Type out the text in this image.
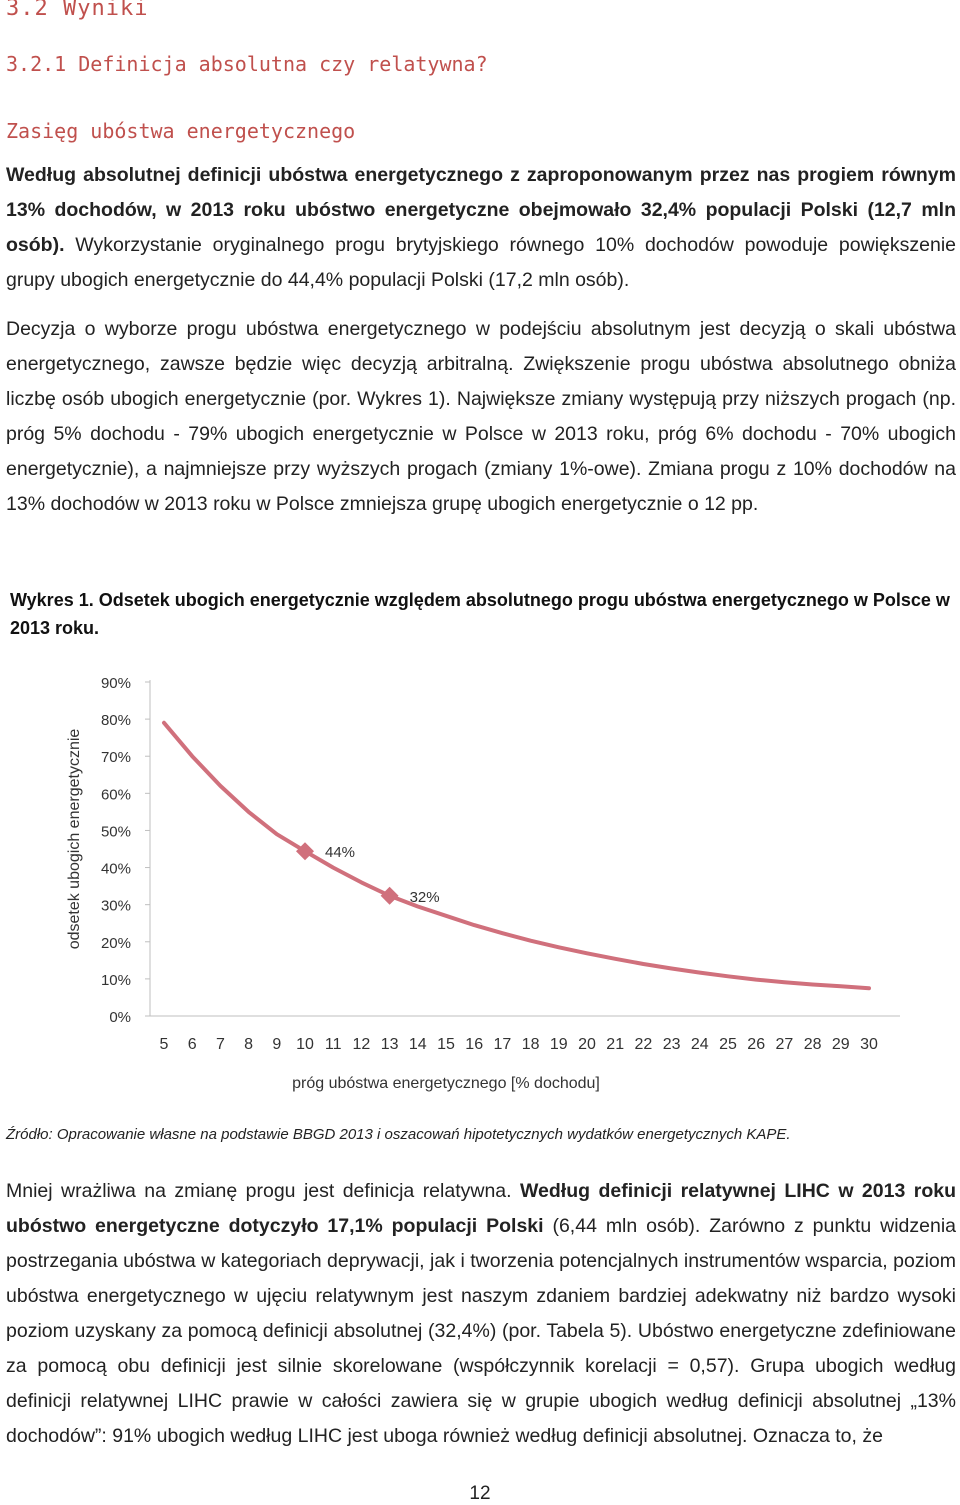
3.2 Wyniki
3.2.1 Definicja absolutna czy relatywna?
Zasięg ubóstwa energetycznego

Według absolutnej definicji ubóstwa energetycznego z zaproponowanym przez nas progiem równym 13% dochodów, w 2013 roku ubóstwo energetyczne obejmowało 32,4% populacji Polski (12,7 mln osób). Wykorzystanie oryginalnego progu brytyjskiego równego 10% dochodów powoduje powiększenie grupy ubogich energetycznie do 44,4% populacji Polski (17,2 mln osób).

Decyzja o wyborze progu ubóstwa energetycznego w podejściu absolutnym jest decyzją o skali ubóstwa energetycznego, zawsze będzie więc decyzją arbitralną. Zwiększenie progu ubóstwa absolutnego obniża liczbę osób ubogich energetycznie (por. Wykres 1). Największe zmiany występują przy niższych progach (np. próg 5% dochodu - 79% ubogich energetycznie w Polsce w 2013 roku, próg 6% dochodu - 70% ubogich energetycznie), a najmniejsze przy wyższych progach (zmiany 1%-owe). Zmiana progu z 10% dochodów na 13% dochodów w 2013 roku w Polsce zmniejsza grupę ubogich energetycznie o 12 pp.

Wykres 1. Odsetek ubogich energetycznie względem absolutnego progu ubóstwa energetycznego w Polsce w 2013 roku.
0%
10%
20%
30%
40%
50%
60%
70%
80%
90%
5 6 7 8 9 10 11 12 13 14 15 16 17 18 19 20 21 22 23 24 25 26 27 28 29 30
próg ubóstwa energetycznego [% dochodu]
odsetek ubogich energetycznie	44%
32%
Źródło: Opracowanie własne na podstawie BBGD 2013 i oszacowań hipotetycznych wydatków energetycznych KAPE.

Mniej wrażliwa na zmianę progu jest definicja relatywna. Według definicji relatywnej LIHC w 2013 roku ubóstwo energetyczne dotyczyło 17,1% populacji Polski (6,44 mln osób). Zarówno z punktu widzenia postrzegania ubóstwa w kategoriach deprywacji, jak i tworzenia potencjalnych instrumentów wsparcia, poziom ubóstwa energetycznego w ujęciu relatywnym jest naszym zdaniem bardziej adekwatny niż bardzo wysoki poziom uzyskany za pomocą definicji absolutnej (32,4%) (por. Tabela 5). Ubóstwo energetyczne zdefiniowane za pomocą obu definicji jest silnie skorelowane (współczynnik korelacji = 0,57). Grupa ubogich według definicji relatywnej LIHC prawie w całości zawiera się w grupie ubogich według definicji absolutnej „13% dochodów”: 91% ubogich według LIHC jest uboga również według definicji absolutnej. Oznacza to, że

12
